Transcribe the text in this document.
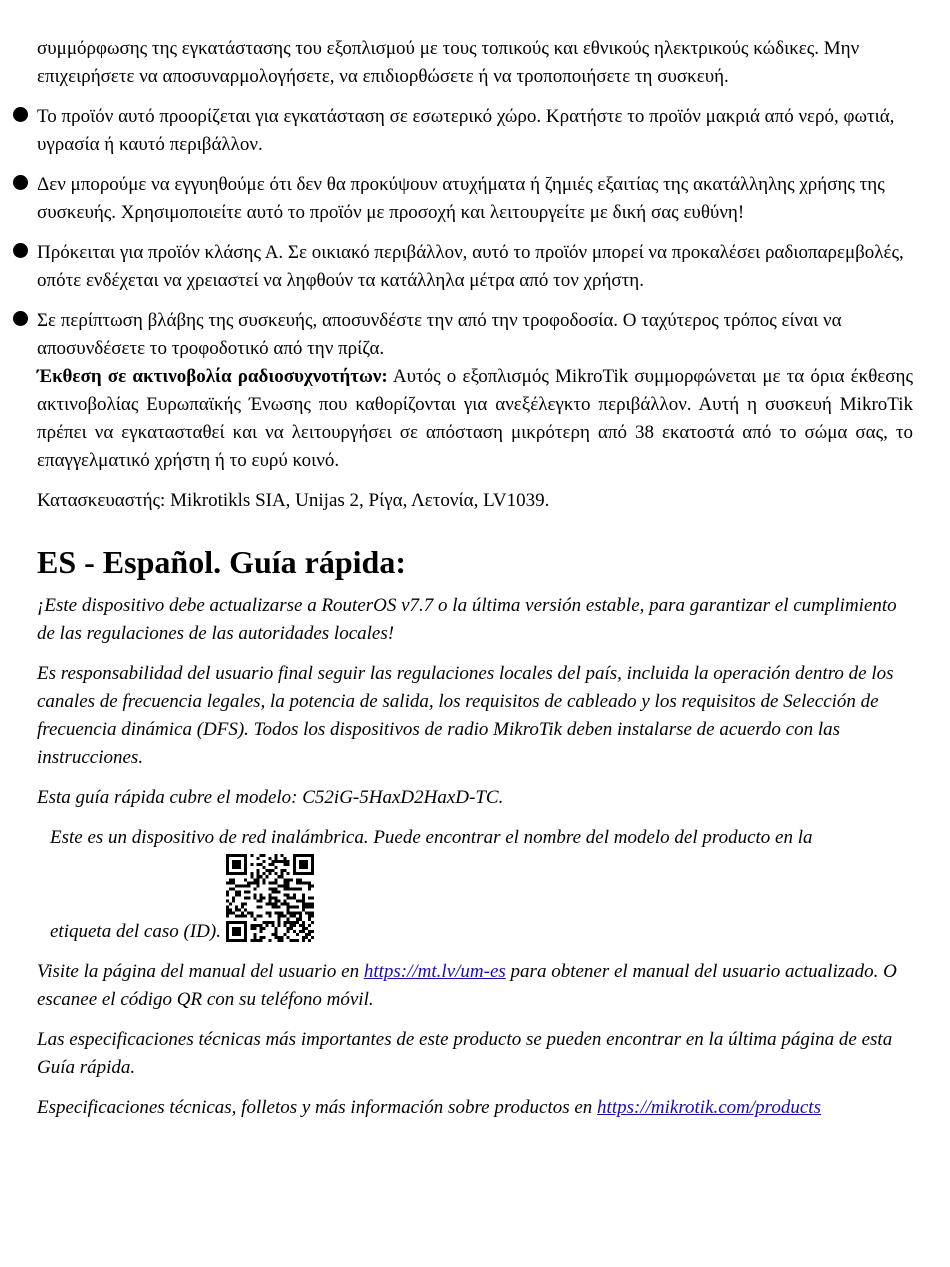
συμμόρφωσης της εγκατάστασης του εξοπλισμού με τους τοπικούς και εθνικούς ηλεκτρικούς κώδικες. Μην επιχειρήσετε να αποσυναρμολογήσετε, να επιδιορθώσετε ή να τροποποιήσετε τη συσκευή.
Το προϊόν αυτό προορίζεται για εγκατάσταση σε εσωτερικό χώρο. Κρατήστε το προϊόν μακριά από νερό, φωτιά, υγρασία ή καυτό περιβάλλον.
Δεν μπορούμε να εγγυηθούμε ότι δεν θα προκύψουν ατυχήματα ή ζημιές εξαιτίας της ακατάλληλης χρήσης της συσκευής. Χρησιμοποιείτε αυτό το προϊόν με προσοχή και λειτουργείτε με δική σας ευθύνη!
Πρόκειται για προϊόν κλάσης Α. Σε οικιακό περιβάλλον, αυτό το προϊόν μπορεί να προκαλέσει ραδιοπαρεμβολές, οπότε ενδέχεται να χρειαστεί να ληφθούν τα κατάλληλα μέτρα από τον χρήστη.
Σε περίπτωση βλάβης της συσκευής, αποσυνδέστε την από την τροφοδοσία. Ο ταχύτερος τρόπος είναι να αποσυνδέσετε το τροφοδοτικό από την πρίζα.

Έκθεση σε ακτινοβολία ραδιοσυχνοτήτων: Αυτός ο εξοπλισμός MikroTik συμμορφώνεται με τα όρια έκθεσης ακτινοβολίας Ευρωπαϊκής Ένωσης που καθορίζονται για ανεξέλεγκτο περιβάλλον. Αυτή η συσκευή MikroTik πρέπει να εγκατασταθεί και να λειτουργήσει σε απόσταση μικρότερη από 38 εκατοστά από το σώμα σας, το επαγγελματικό χρήστη ή το ευρύ κοινό.

Κατασκευαστής: Mikrotikls SIA, Unijas 2, Ρίγα, Λετονία, LV1039.

ES - Español. Guía rápida:

¡Este dispositivo debe actualizarse a RouterOS v7.7 o la última versión estable, para garantizar el cumplimiento de las regulaciones de las autoridades locales!

Es responsabilidad del usuario final seguir las regulaciones locales del país, incluida la operación dentro de los canales de frecuencia legales, la potencia de salida, los requisitos de cableado y los requisitos de Selección de frecuencia dinámica (DFS). Todos los dispositivos de radio MikroTik deben instalarse de acuerdo con las instrucciones.

Esta guía rápida cubre el modelo: C52iG-5HaxD2HaxD-TC.

Este es un dispositivo de red inalámbrica. Puede encontrar el nombre del modelo del producto en la
etiqueta del caso (ID).

Visite la página del manual del usuario en https://mt.lv/um-es para obtener el manual del usuario actualizado. O escanee el código QR con su teléfono móvil.

Las especificaciones técnicas más importantes de este producto se pueden encontrar en la última página de esta Guía rápida.

Especificaciones técnicas, folletos y más información sobre productos en https://mikrotik.com/products
